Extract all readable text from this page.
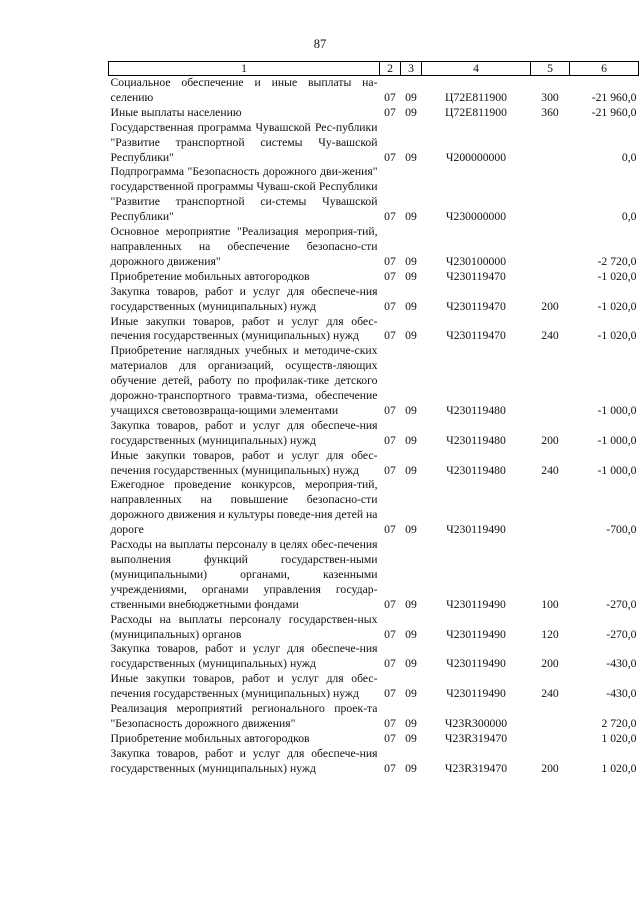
87
1	2	3	4	5	6
Социальное обеспечение и иные выплаты на-селению	07	09	Ц72Е811900	300	-21 960,0
Иные выплаты населению	07	09	Ц72Е811900	360	-21 960,0
Государственная программа Чувашской Рес-публики "Развитие транспортной системы Чу-вашской Республики"	07	09	Ч200000000		0,0
Подпрограмма "Безопасность дорожного дви-жения" государственной программы Чуваш-ской Республики "Развитие транспортной си-стемы Чувашской Республики"	07	09	Ч230000000		0,0
Основное мероприятие "Реализация мероприя-тий, направленных на обеспечение безопасно-сти дорожного движения"	07	09	Ч230100000		-2 720,0
Приобретение мобильных автогородков	07	09	Ч230119470		-1 020,0
Закупка товаров, работ и услуг для обеспече-ния государственных (муниципальных) нужд	07	09	Ч230119470	200	-1 020,0
Иные закупки товаров, работ и услуг для обес-печения государственных (муниципальных) нужд	07	09	Ч230119470	240	-1 020,0
Приобретение наглядных учебных и методиче-ских материалов для организаций, осуществ-ляющих обучение детей, работу по профилак-тике детского дорожно-транспортного травма-тизма, обеспечение учащихся световозвраща-ющими элементами	07	09	Ч230119480		-1 000,0
Закупка товаров, работ и услуг для обеспече-ния государственных (муниципальных) нужд	07	09	Ч230119480	200	-1 000,0
Иные закупки товаров, работ и услуг для обес-печения государственных (муниципальных) нужд	07	09	Ч230119480	240	-1 000,0
Ежегодное проведение конкурсов, мероприя-тий, направленных на повышение безопасно-сти дорожного движения и культуры поведе-ния детей на дороге	07	09	Ч230119490		-700,0
Расходы на выплаты персоналу в целях обес-печения выполнения функций государствен-ными (муниципальными) органами, казенными учреждениями, органами управления государ-ственными внебюджетными фондами	07	09	Ч230119490	100	-270,0
Расходы на выплаты персоналу государствен-ных (муниципальных) органов	07	09	Ч230119490	120	-270,0
Закупка товаров, работ и услуг для обеспече-ния государственных (муниципальных) нужд	07	09	Ч230119490	200	-430,0
Иные закупки товаров, работ и услуг для обес-печения государственных (муниципальных) нужд	07	09	Ч230119490	240	-430,0
Реализация мероприятий регионального проек-та "Безопасность дорожного движения"	07	09	Ч23R300000		2 720,0
Приобретение мобильных автогородков	07	09	Ч23R319470		1 020,0
Закупка товаров, работ и услуг для обеспече-ния государственных (муниципальных) нужд	07	09	Ч23R319470	200	1 020,0
